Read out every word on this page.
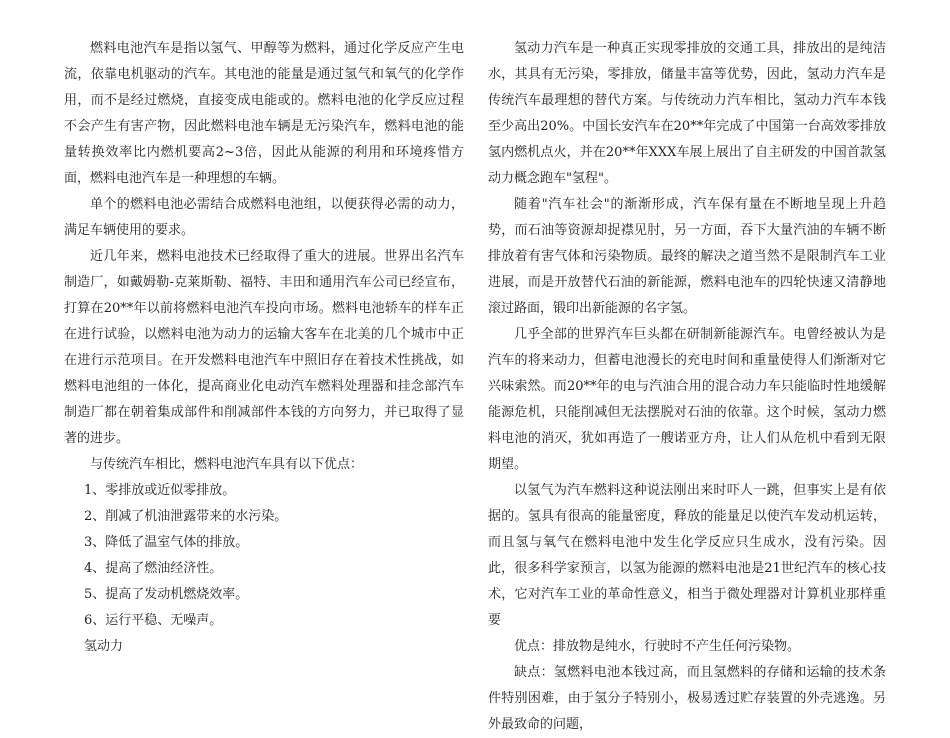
燃料电池汽车是指以氢气、甲醇等为燃料，通过化学反应产生电流，依靠电机驱动的汽车。其电池的能量是通过氢气和氧气的化学作用，而不是经过燃烧，直接变成电能或的。燃料电池的化学反应过程不会产生有害产物，因此燃料电池车辆是无污染汽车，燃料电池的能量转换效率比内燃机要高2~3倍，因此从能源的利用和环境疼惜方面，燃料电池汽车是一种理想的车辆。

单个的燃料电池必需结合成燃料电池组，以便获得必需的动力，满足车辆使用的要求。

近几年来，燃料电池技术已经取得了重大的进展。世界出名汽车制造厂，如戴姆勒-克莱斯勒、福特、丰田和通用汽车公司已经宣布，打算在20**年以前将燃料电池汽车投向市场。燃料电池轿车的样车正在进行试验，以燃料电池为动力的运输大客车在北美的几个城市中正在进行示范项目。在开发燃料电池汽车中照旧存在着技术性挑战，如燃料电池组的一体化，提高商业化电动汽车燃料处理器和挂念部汽车制造厂都在朝着集成部件和削减部件本钱的方向努力，并已取得了显著的进步。

与传统汽车相比，燃料电池汽车具有以下优点：

1、零排放或近似零排放。

2、削减了机油泄露带来的水污染。

3、降低了温室气体的排放。

4、提高了燃油经济性。

5、提高了发动机燃烧效率。

6、运行平稳、无噪声。

氢动力

氢动力汽车是一种真正实现零排放的交通工具，排放出的是纯洁水，其具有无污染，零排放，储量丰富等优势，因此，氢动力汽车是传统汽车最理想的替代方案。与传统动力汽车相比，氢动力汽车本钱至少高出20%。中国长安汽车在20**年完成了中国第一台高效零排放氢内燃机点火，并在20**年XXX车展上展出了自主研发的中国首款氢动力概念跑车"氢程"。

随着"汽车社会"的渐渐形成，汽车保有量在不断地呈现上升趋势，而石油等资源却捉襟见肘，另一方面，吞下大量汽油的车辆不断排放着有害气体和污染物质。最终的解决之道当然不是限制汽车工业进展，而是开放替代石油的新能源，燃料电池车的四轮快速又清静地滚过路面，锻印出新能源的名字氢。

几乎全部的世界汽车巨头都在研制新能源汽车。电曾经被认为是汽车的将来动力，但蓄电池漫长的充电时间和重量使得人们渐渐对它兴味索然。而20**年的电与汽油合用的混合动力车只能临时性地缓解能源危机，只能削减但无法摆脱对石油的依靠。这个时候，氢动力燃料电池的消灭，犹如再造了一艘诺亚方舟，让人们从危机中看到无限期望。

以氢气为汽车燃料这种说法刚出来时吓人一跳，但事实上是有依据的。氢具有很高的能量密度，释放的能量足以使汽车发动机运转，而且氢与氧气在燃料电池中发生化学反应只生成水，没有污染。因此，很多科学家预言，以氢为能源的燃料电池是21世纪汽车的核心技术，它对汽车工业的革命性意义，相当于微处理器对计算机业那样重要

优点：排放物是纯水，行驶时不产生任何污染物。

缺点：氢燃料电池本钱过高，而且氢燃料的存储和运输的技术条件特别困难，由于氢分子特别小，极易透过贮存装置的外壳逃逸。另外最致命的问题，
